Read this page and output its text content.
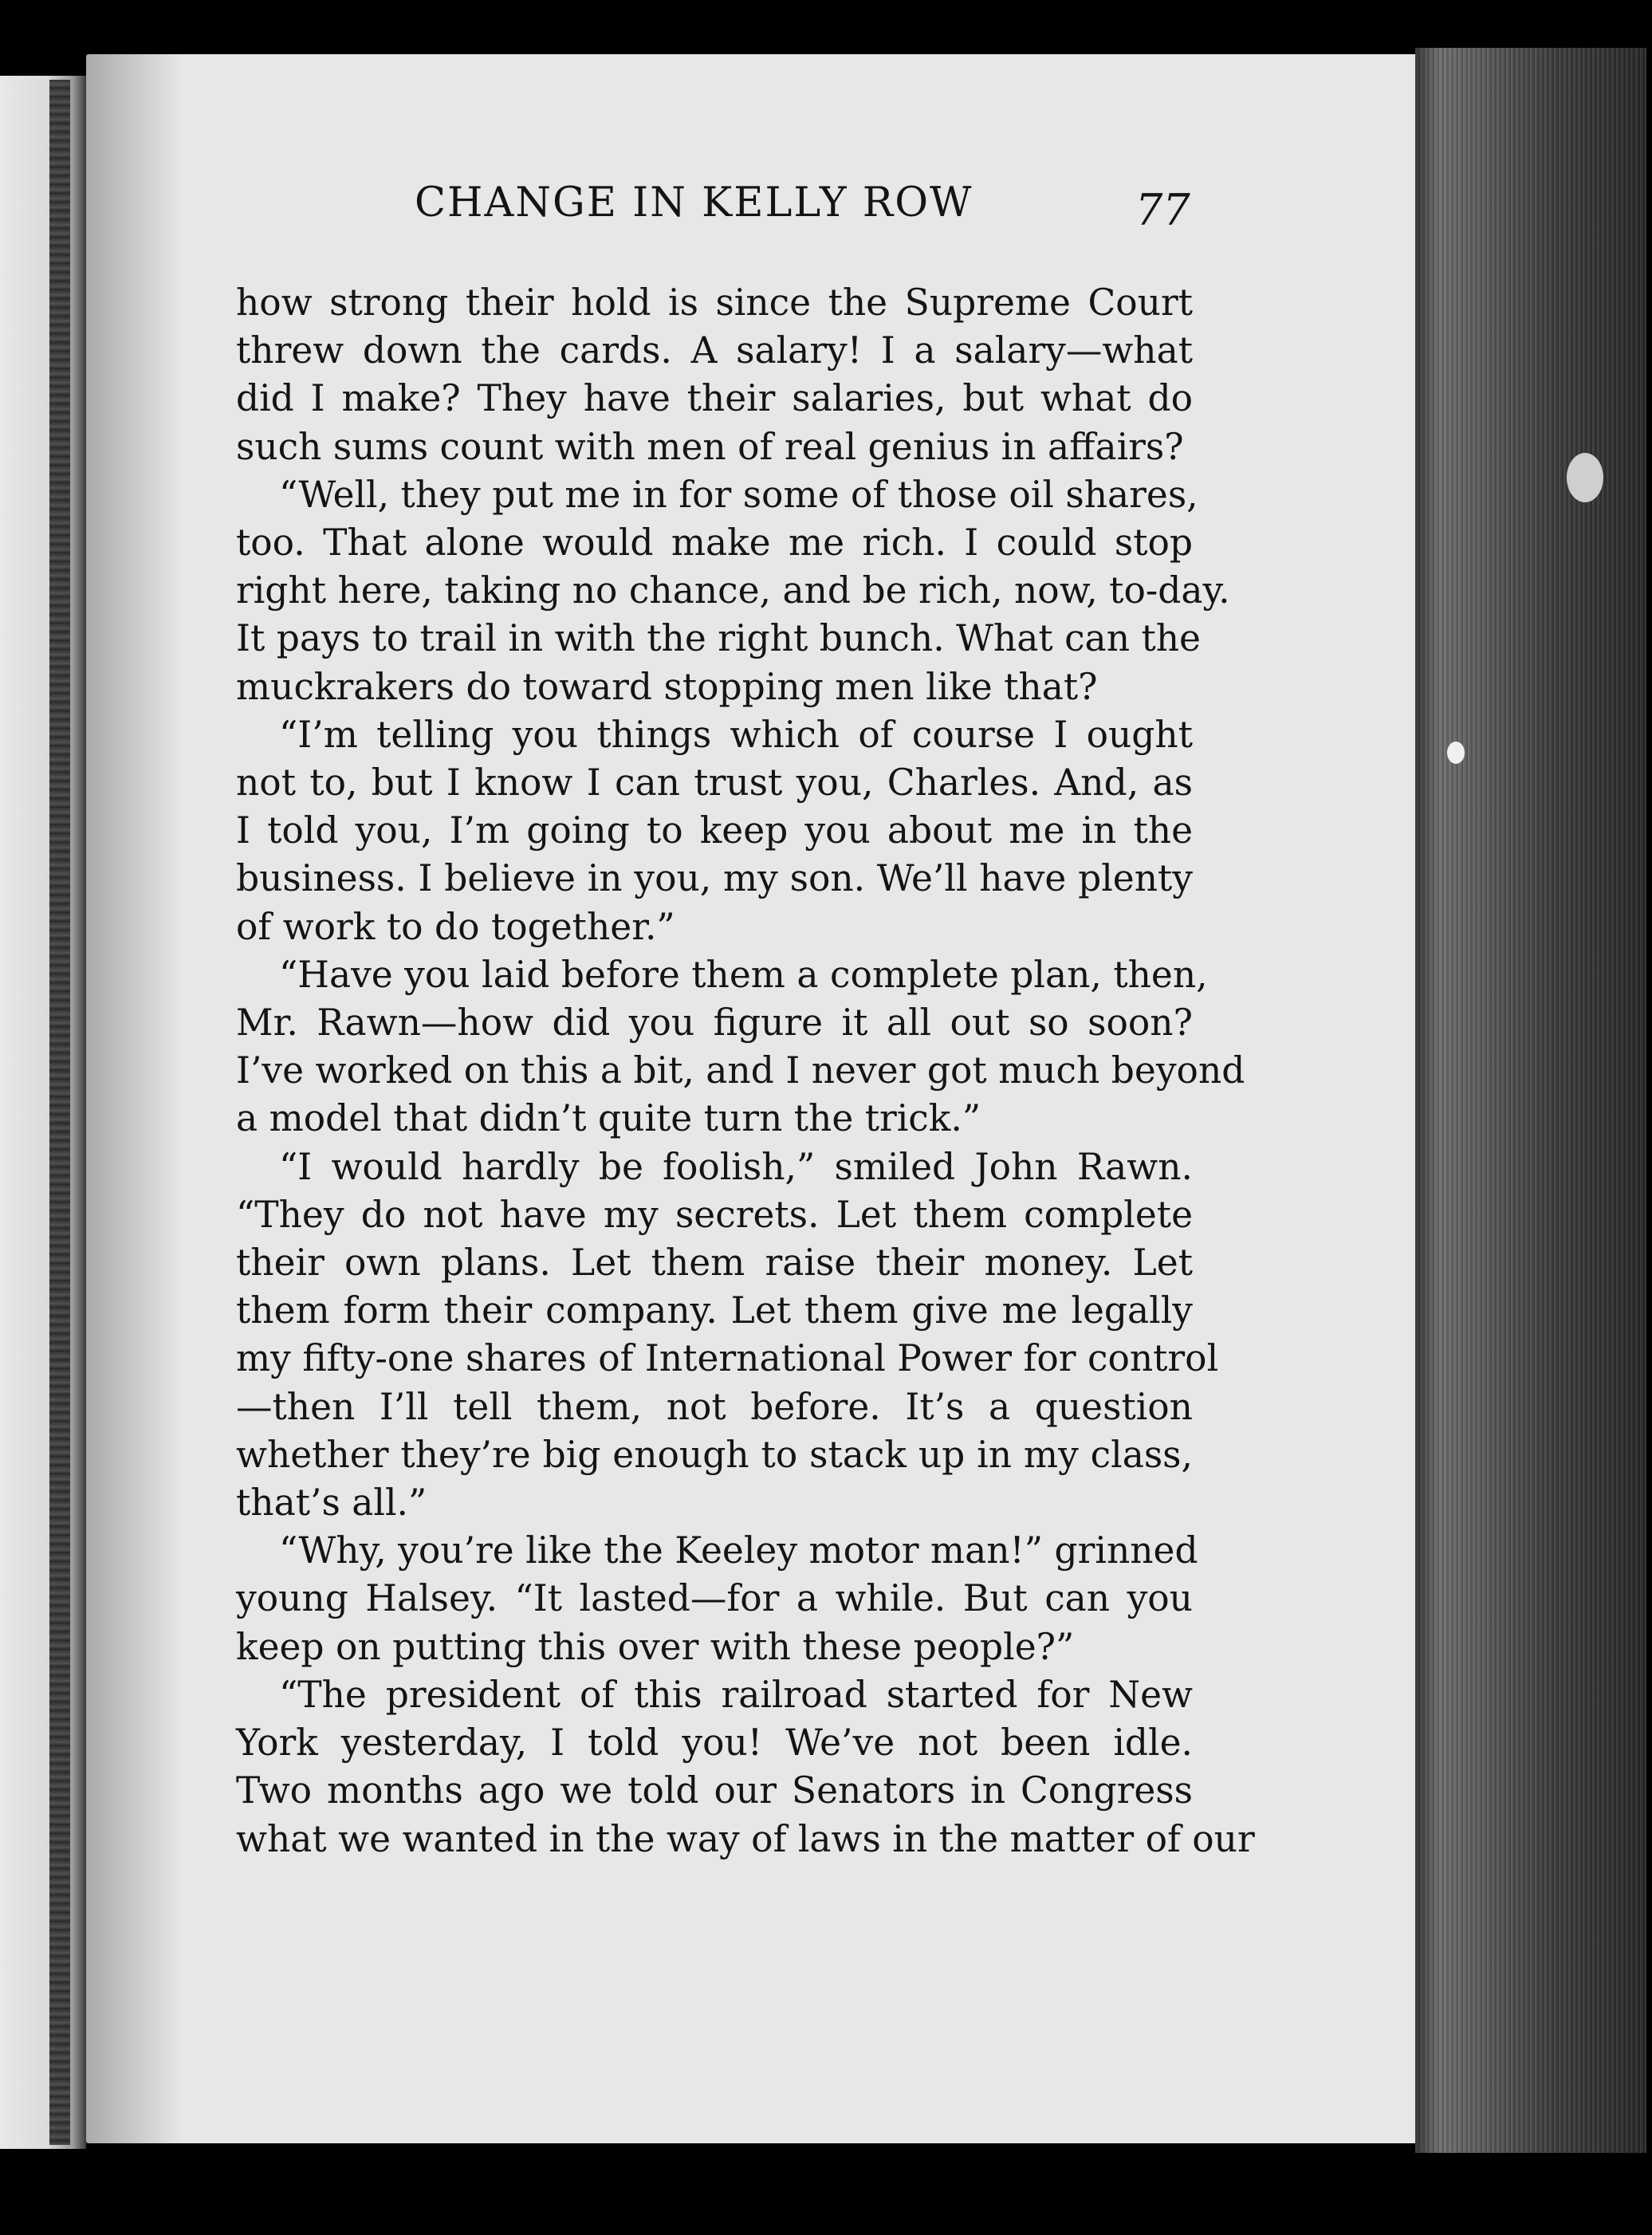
CHANGE IN KELLY ROW	77
how strong their hold is since the Supreme Court
threw down the cards. A salary! I a salary—what
did I make? They have their salaries, but what do
such sums count with men of real genius in affairs?
“Well, they put me in for some of those oil shares,
too. That alone would make me rich. I could stop
right here, taking no chance, and be rich, now, to-day.
It pays to trail in with the right bunch. What can the
muckrakers do toward stopping men like that?
“I’m telling you things which of course I ought
not to, but I know I can trust you, Charles. And, as
I told you, I’m going to keep you about me in the
business. I believe in you, my son. We’ll have plenty
of work to do together.”
“Have you laid before them a complete plan, then,
Mr. Rawn—how did you figure it all out so soon?
I’ve worked on this a bit, and I never got much beyond
a model that didn’t quite turn the trick.”
“I would hardly be foolish,” smiled John Rawn.
“They do not have my secrets. Let them complete
their own plans. Let them raise their money. Let
them form their company. Let them give me legally
my fifty-one shares of International Power for control
—then I’ll tell them, not before. It’s a question
whether they’re big enough to stack up in my class,
that’s all.”
“Why, you’re like the Keeley motor man!” grinned
young Halsey. “It lasted—for a while. But can you
keep on putting this over with these people?”
“The president of this railroad started for New
York yesterday, I told you! We’ve not been idle.
Two months ago we told our Senators in Congress
what we wanted in the way of laws in the matter of our
